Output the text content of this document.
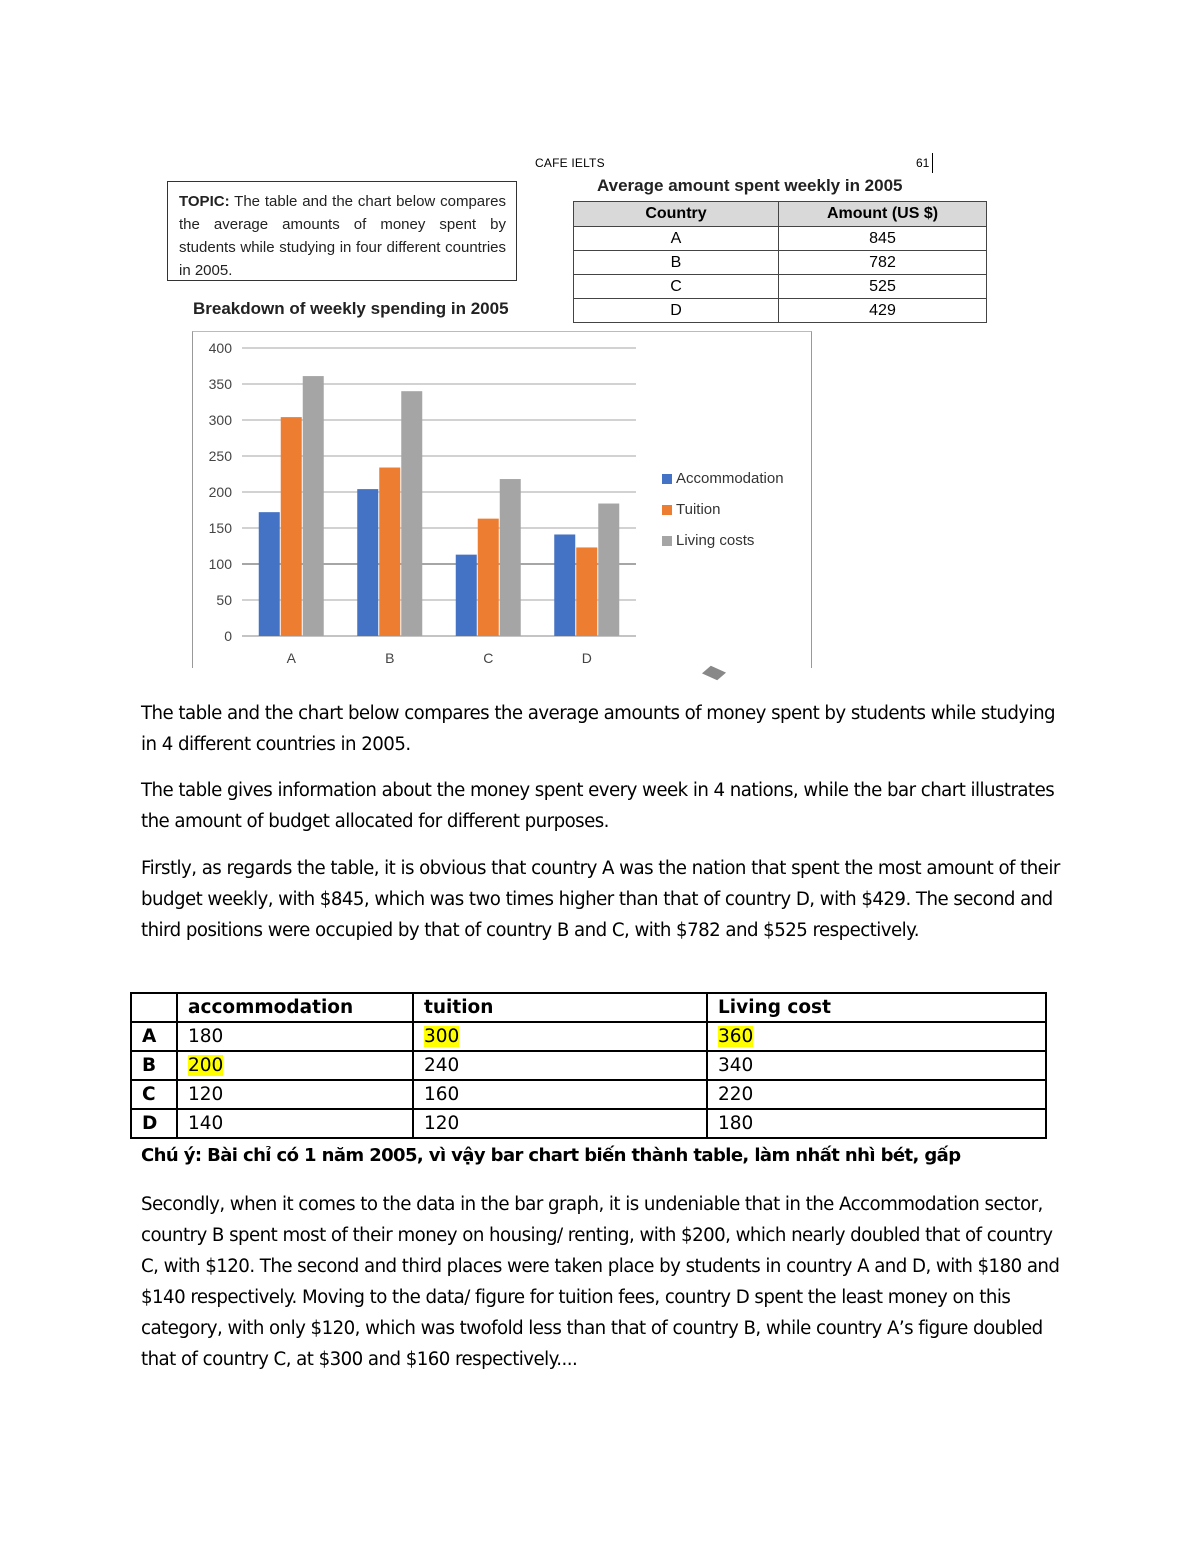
CAFE IELTS	61
TOPIC: The table and the chart below compares the average amounts of money spent by students while studying in four different countries in 2005.
Average amount spent weekly in 2005
Country	Amount (US $)
A	845
B	782
C	525
D	429
Breakdown of weekly spending in 2005
0
50
100
150
200
250
300
350
400
A	B	C	D
Accommodation
Tuition
Living costs
The table and the chart below compares the average amounts of money spent by students while studying in 4 different countries in 2005.
The table gives information about the money spent every week in 4 nations, while the bar chart illustrates the amount of budget allocated for different purposes.
Firstly, as regards the table, it is obvious that country A was the nation that spent the most amount of their budget weekly, with $845, which was two times higher than that of country D, with $429. The second and third positions were occupied by that of country B and C, with $782 and $525 respectively.
	accommodation	tuition	Living cost
A	180	300	360
B	200	240	340
C	120	160	220
D	140	120	180
Chú ý: Bài chỉ có 1 năm 2005, vì vậy bar chart biến thành table, làm nhất nhì bét, gấp
Secondly, when it comes to the data in the bar graph, it is undeniable that in the Accommodation sector, country B spent most of their money on housing/ renting, with $200, which nearly doubled that of country C, with $120. The second and third places were taken place by students in country A and D, with $180 and $140 respectively. Moving to the data/ figure for tuition fees, country D spent the least money on this category, with only $120, which was twofold less than that of country B, while country A’s figure doubled that of country C, at $300 and $160 respectively....
